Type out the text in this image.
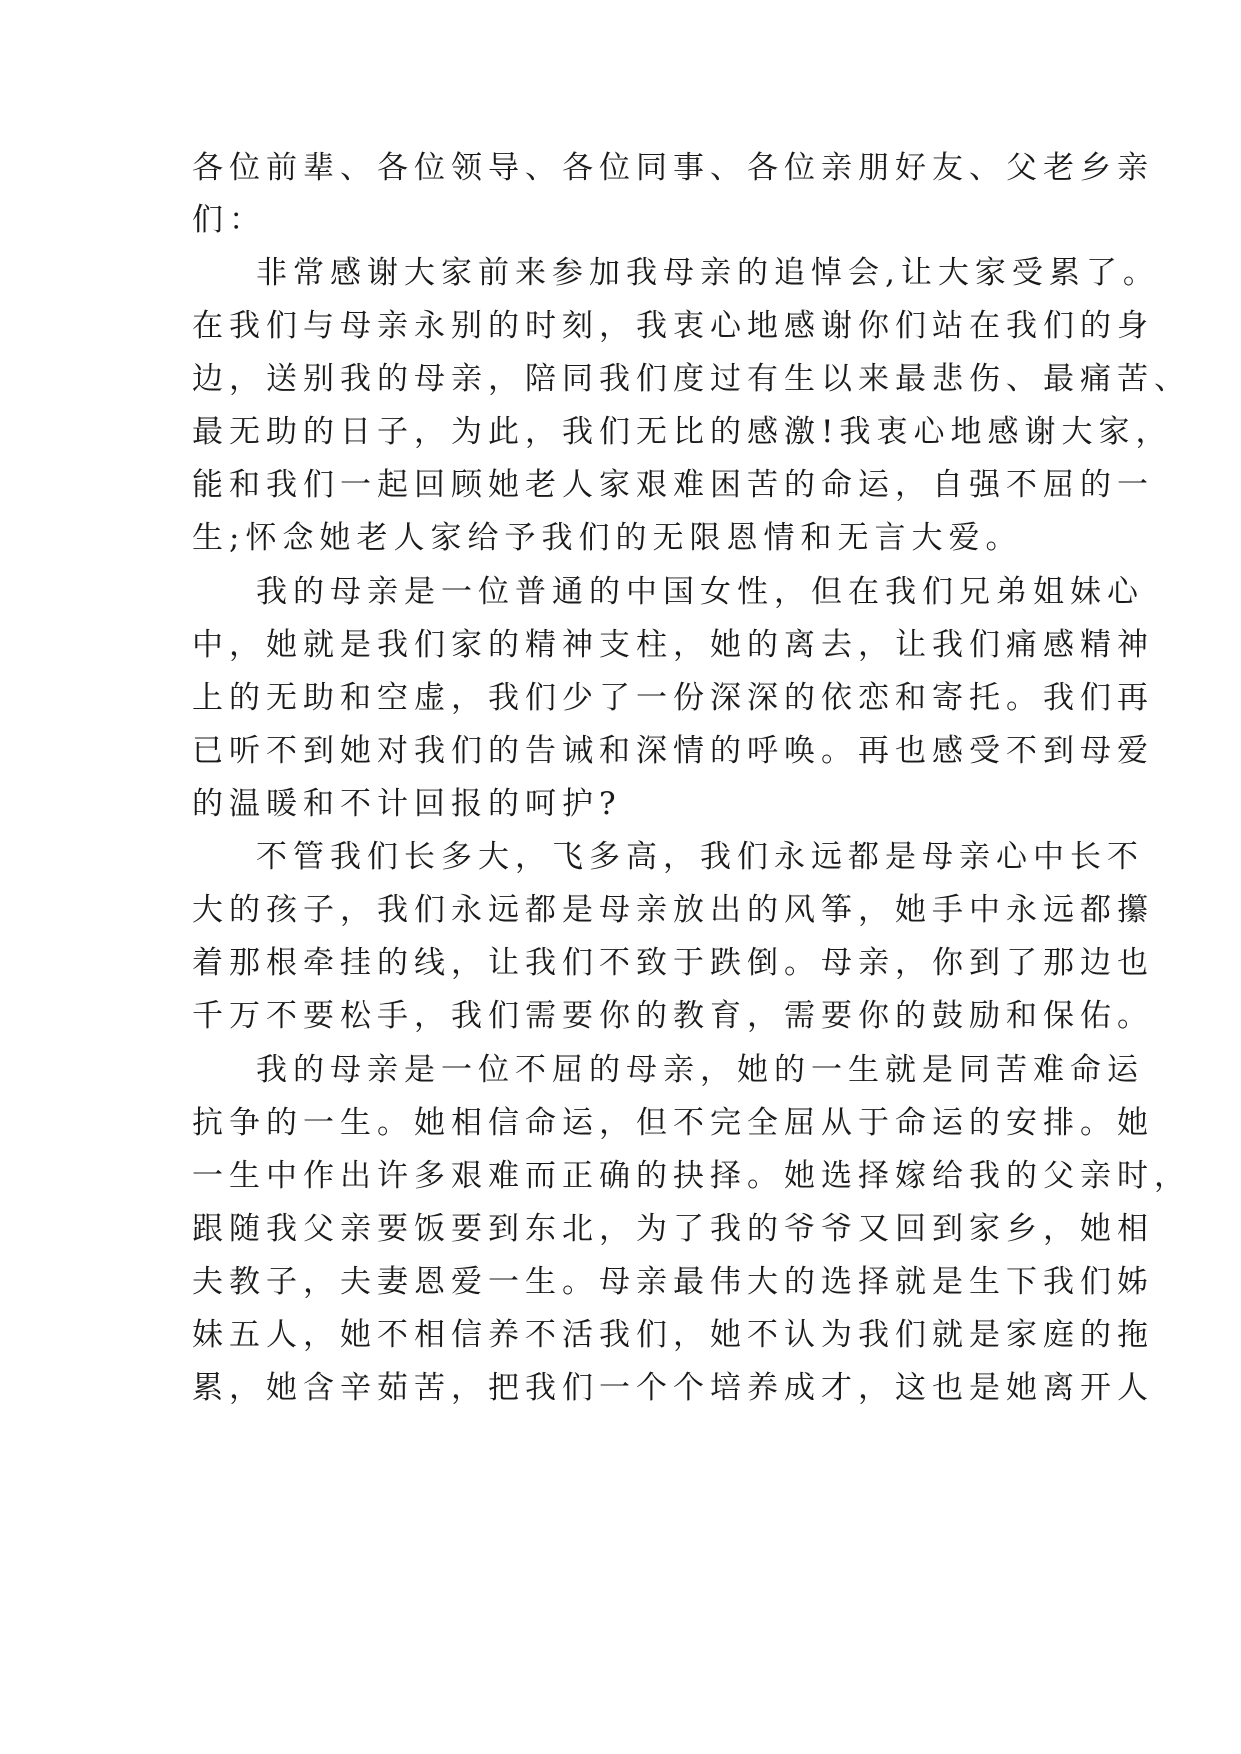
各位前辈、各位领导、各位同事、各位亲朋好友、父老乡亲

们：

非常感谢大家前来参加我母亲的追悼会,让大家受累了。

在我们与母亲永别的时刻，我衷心地感谢你们站在我们的身

边，送别我的母亲，陪同我们度过有生以来最悲伤、最痛苦、

最无助的日子，为此，我们无比的感激!我衷心地感谢大家，

能和我们一起回顾她老人家艰难困苦的命运，自强不屈的一

生;怀念她老人家给予我们的无限恩情和无言大爱。

我的母亲是一位普通的中国女性，但在我们兄弟姐妹心

中，她就是我们家的精神支柱，她的离去，让我们痛感精神

上的无助和空虚，我们少了一份深深的依恋和寄托。我们再

已听不到她对我们的告诫和深情的呼唤。再也感受不到母爱

的温暖和不计回报的呵护?

不管我们长多大，飞多高，我们永远都是母亲心中长不

大的孩子，我们永远都是母亲放出的风筝，她手中永远都攥

着那根牵挂的线，让我们不致于跌倒。母亲，你到了那边也

千万不要松手，我们需要你的教育，需要你的鼓励和保佑。

我的母亲是一位不屈的母亲，她的一生就是同苦难命运

抗争的一生。她相信命运，但不完全屈从于命运的安排。她

一生中作出许多艰难而正确的抉择。她选择嫁给我的父亲时，

跟随我父亲要饭要到东北，为了我的爷爷又回到家乡，她相

夫教子，夫妻恩爱一生。母亲最伟大的选择就是生下我们姊

妹五人，她不相信养不活我们，她不认为我们就是家庭的拖

累，她含辛茹苦，把我们一个个培养成才，这也是她离开人
